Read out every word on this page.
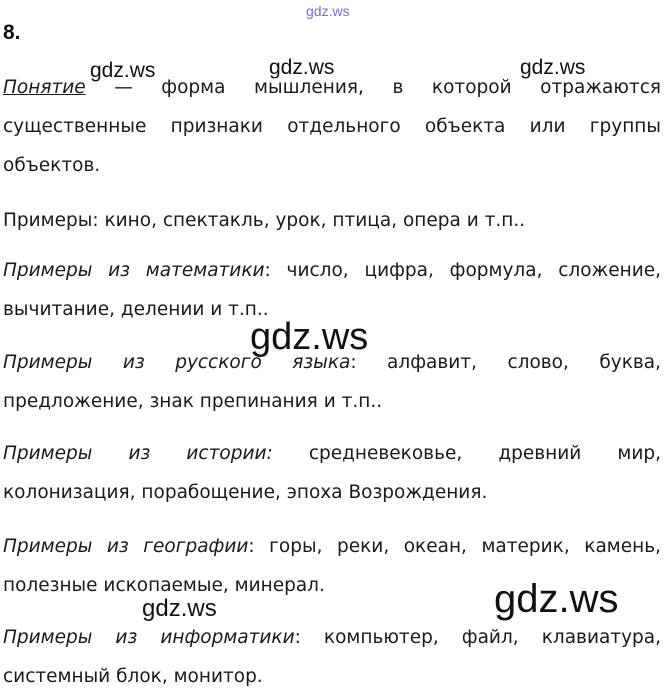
gdz.ws
gdz.ws	gdz.ws	gdz.ws
gdz.ws
gdz.ws	gdz.ws
8.
Понятие — форма мышления, в которой отражаются
существенные признаки отдельного объекта или группы
объектов.
Примеры: кино, спектакль, урок, птица, опера и т.п..
Примеры из математики: число, цифра, формула, сложение,
вычитание, делении и т.п..
Примеры из русского языка: алфавит, слово, буква,
предложение, знак препинания и т.п..
Примеры из истории: средневековье, древний мир,
колонизация, порабощение, эпоха Возрождения.
Примеры из географии: горы, реки, океан, материк, камень,
полезные ископаемые, минерал.
Примеры из информатики: компьютер, файл, клавиатура,
системный блок, монитор.
